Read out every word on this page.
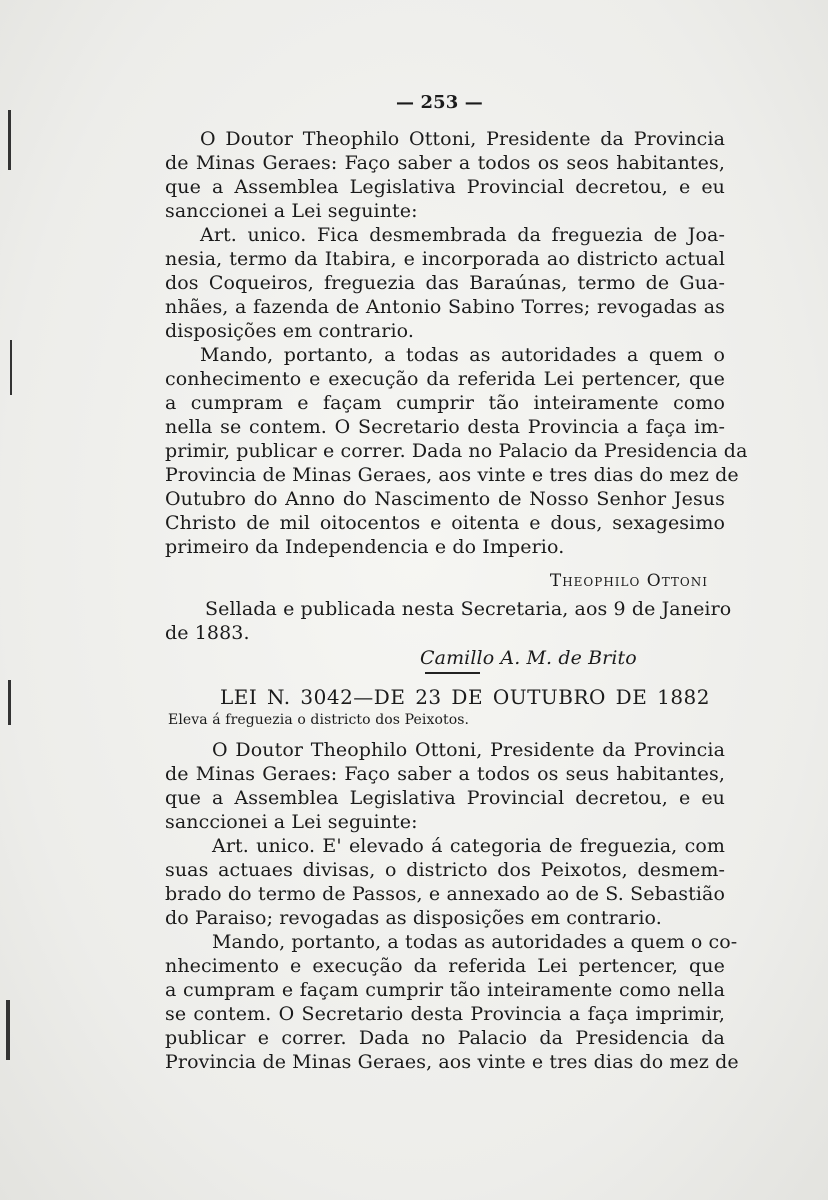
— 253 —
O Doutor Theophilo Ottoni, Presidente da Provincia
de Minas Geraes: Faço saber a todos os seos habitantes,
que a Assemblea Legislativa Provincial decretou, e eu
sanccionei a Lei seguinte:
Art. unico. Fica desmembrada da freguezia de Joa-
nesia, termo da Itabira, e incorporada ao districto actual
dos Coqueiros, freguezia das Baraúnas, termo de Gua-
nhães, a fazenda de Antonio Sabino Torres; revogadas as
disposições em contrario.
Mando, portanto, a todas as autoridades a quem o
conhecimento e execução da referida Lei pertencer, que
a cumpram e façam cumprir tão inteiramente como
nella se contem. O Secretario desta Provincia a faça im-
primir, publicar e correr. Dada no Palacio da Presidencia da
Provincia de Minas Geraes, aos vinte e tres dias do mez de
Outubro do Anno do Nascimento de Nosso Senhor Jesus
Christo de mil oitocentos e oitenta e dous, sexagesimo
primeiro da Independencia e do Imperio.
Theophilo Ottoni
Sellada e publicada nesta Secretaria, aos 9 de Janeiro
de 1883.
Camillo A. M. de Brito
LEI N. 3042—DE 23 DE OUTUBRO DE 1882
Eleva á freguezia o districto dos Peixotos.
O Doutor Theophilo Ottoni, Presidente da Provincia
de Minas Geraes: Faço saber a todos os seus habitantes,
que a Assemblea Legislativa Provincial decretou, e eu
sanccionei a Lei seguinte:
Art. unico. E' elevado á categoria de freguezia, com
suas actuaes divisas, o districto dos Peixotos, desmem-
brado do termo de Passos, e annexado ao de S. Sebastião
do Paraiso; revogadas as disposições em contrario.
Mando, portanto, a todas as autoridades a quem o co-
nhecimento e execução da referida Lei pertencer, que
a cumpram e façam cumprir tão inteiramente como nella
se contem. O Secretario desta Provincia a faça imprimir,
publicar e correr. Dada no Palacio da Presidencia da
Provincia de Minas Geraes, aos vinte e tres dias do mez de
